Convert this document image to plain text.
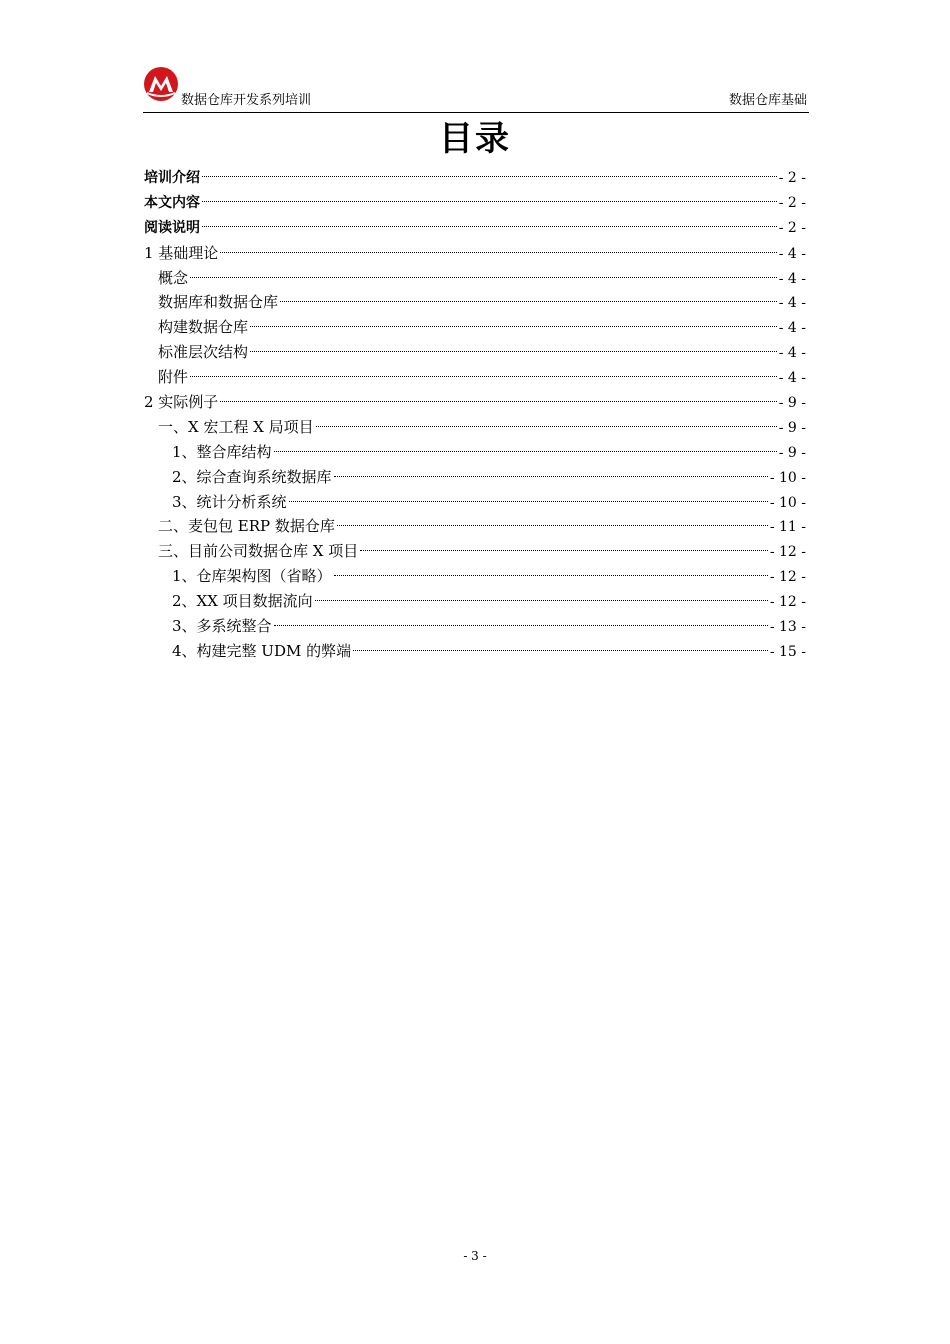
数据仓库开发系列培训	数据仓库基础
目录
培训介绍	- 2 -
本文内容	- 2 -
阅读说明	- 2 -
1 基础理论	- 4 -
概念	- 4 -
数据库和数据仓库	- 4 -
构建数据仓库	- 4 -
标准层次结构	- 4 -
附件	- 4 -
2 实际例子	- 9 -
一、X 宏工程 X 局项目	- 9 -
1、整合库结构	- 9 -
2、综合查询系统数据库	- 10 -
3、统计分析系统	- 10 -
二、麦包包 ERP 数据仓库	- 11 -
三、目前公司数据仓库 X 项目	- 12 -
1、仓库架构图（省略）	- 12 -
2、XX 项目数据流向	- 12 -
3、多系统整合	- 13 -
4、构建完整 UDM 的弊端	- 15 -
- 3 -
